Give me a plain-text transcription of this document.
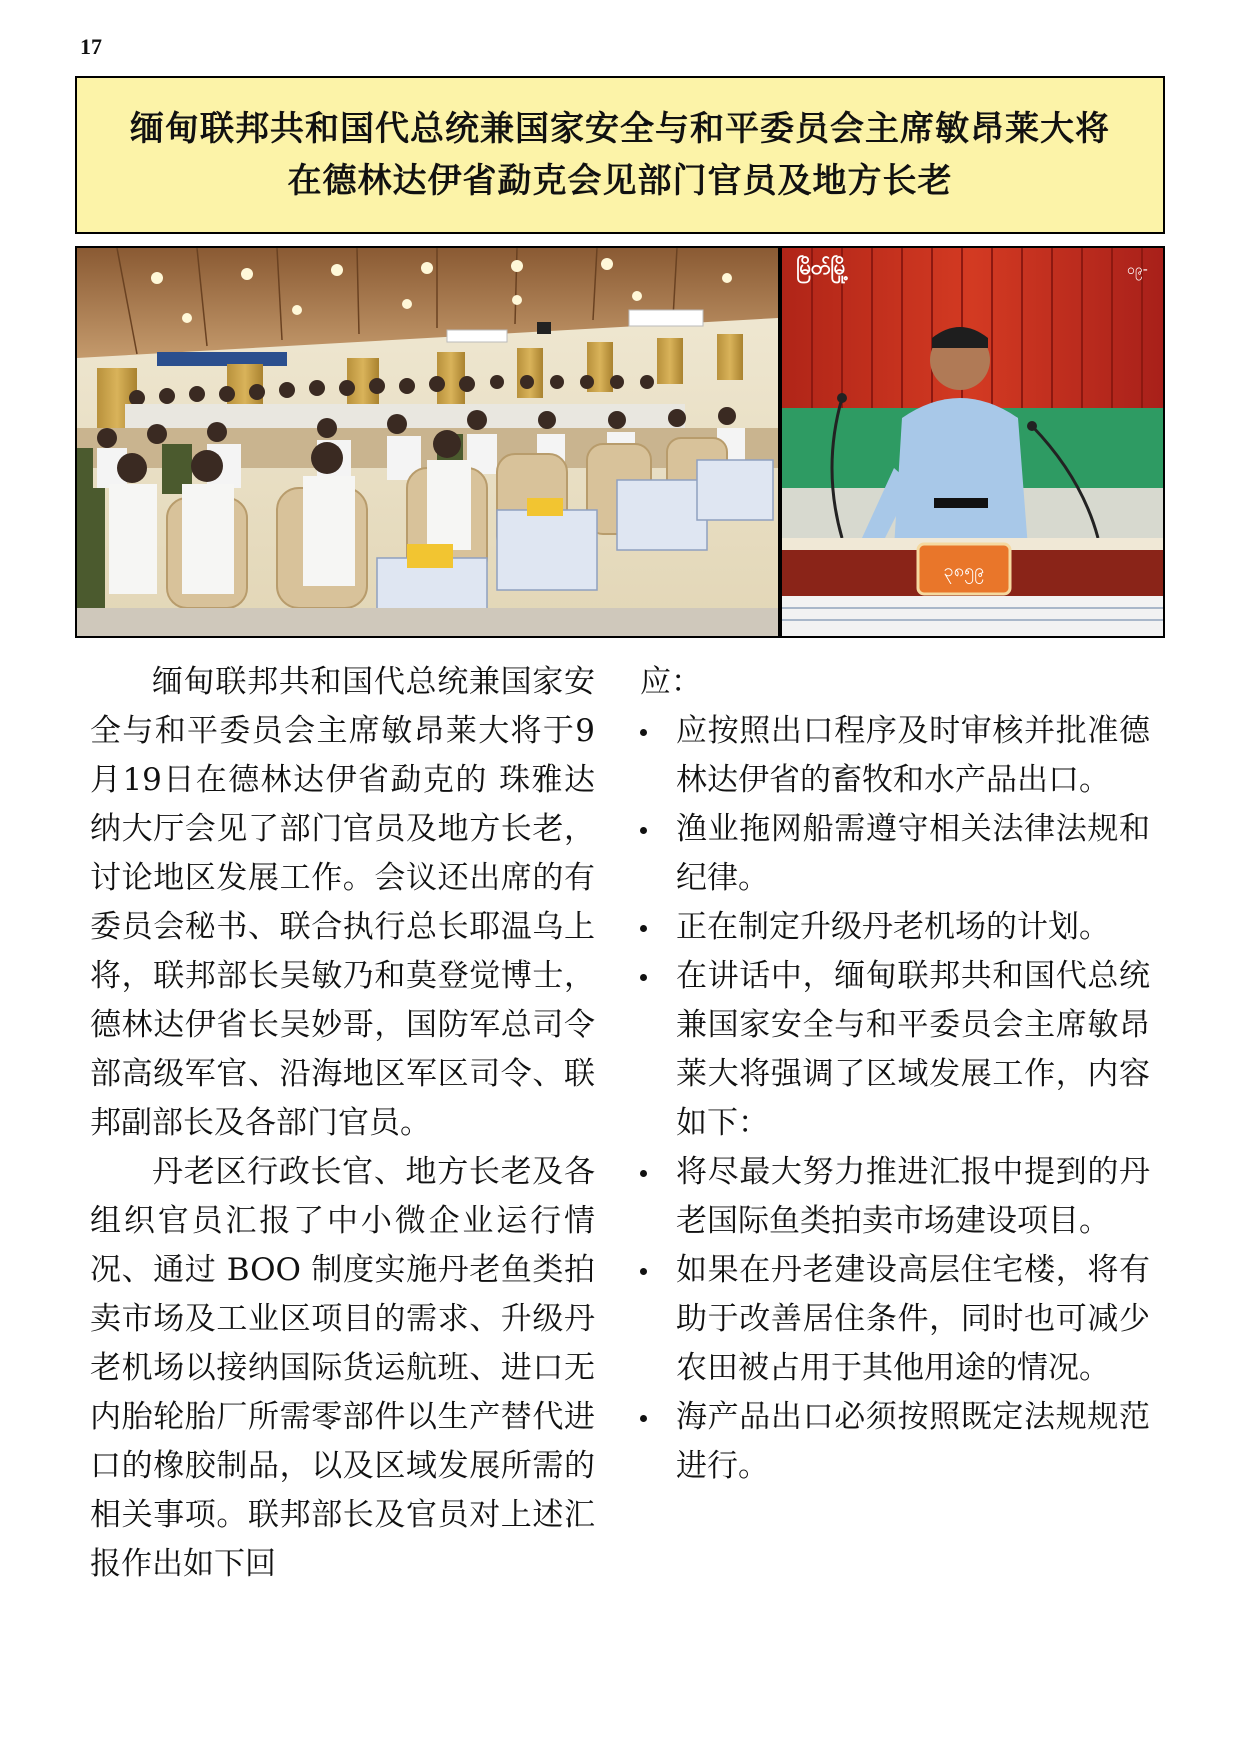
17
缅甸联邦共和国代总统兼国家安全与和平委员会主席敏昂莱大将
在德林达伊省勐克会见部门官员及地方长老
မြိတ်မြို့	၀၉-
၃၈၅၉

缅甸联邦共和国代总统兼国家安全与和平委员会主席敏昂莱大将于9月19日在德林达伊省勐克的 珠雅达纳大厅会见了部门官员及地方长老，讨论地区发展工作。会议还出席的有委员会秘书、联合执行总长耶温乌上将，联邦部长吴敏乃和莫登觉博士，德林达伊省长吴妙哥，国防军总司令部高级军官、沿海地区军区司令、联邦副部长及各部门官员。

丹老区行政长官、地方长老及各组织官员汇报了中小微企业运行情况、通过 BOO 制度实施丹老鱼类拍卖市场及工业区项目的需求、升级丹老机场以接纳国际货运航班、进口无内胎轮胎厂所需零部件以生产替代进口的橡胶制品，以及区域发展所需的相关事项。联邦部长及官员对上述汇报作出如下回

应：

应按照出口程序及时审核并批准德林达伊省的畜牧和水产品出口。
渔业拖网船需遵守相关法律法规和纪律。
正在制定升级丹老机场的计划。
在讲话中，缅甸联邦共和国代总统兼国家安全与和平委员会主席敏昂莱大将强调了区域发展工作，内容如下：
将尽最大努力推进汇报中提到的丹老国际鱼类拍卖市场建设项目。
如果在丹老建设高层住宅楼，将有助于改善居住条件，同时也可减少农田被占用于其他用途的情况。
海产品出口必须按照既定法规规范进行。
